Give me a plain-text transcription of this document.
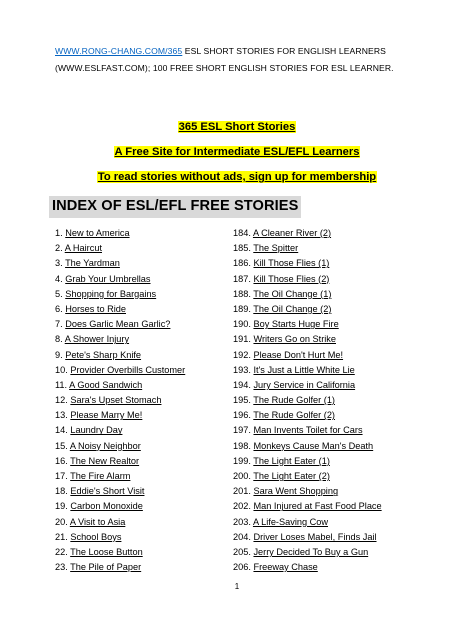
WWW.RONG-CHANG.COM/365 ESL SHORT STORIES FOR ENGLISH LEARNERS
(WWW.ESLFAST.COM); 100 FREE SHORT ENGLISH STORIES FOR ESL LEARNER.
365 ESL Short Stories
A Free Site for Intermediate ESL/EFL Learners
To read stories without ads, sign up for membership
INDEX OF ESL/EFL FREE STORIES
1. New to America
2. A Haircut
3. The Yardman
4. Grab Your Umbrellas
5. Shopping for Bargains
6. Horses to Ride
7. Does Garlic Mean Garlic?
8. A Shower Injury
9. Pete's Sharp Knife
10. Provider Overbills Customer
11. A Good Sandwich
12. Sara's Upset Stomach
13. Please Marry Me!
14. Laundry Day
15. A Noisy Neighbor
16. The New Realtor
17. The Fire Alarm
18. Eddie's Short Visit
19. Carbon Monoxide
20. A Visit to Asia
21. School Boys
22. The Loose Button
23. The Pile of Paper
184. A Cleaner River (2)
185. The Spitter
186. Kill Those Flies (1)
187. Kill Those Flies (2)
188. The Oil Change (1)
189. The Oil Change (2)
190. Boy Starts Huge Fire
191. Writers Go on Strike
192. Please Don't Hurt Me!
193. It's Just a Little White Lie
194. Jury Service in California
195. The Rude Golfer (1)
196. The Rude Golfer (2)
197. Man Invents Toilet for Cars
198. Monkeys Cause Man's Death
199. The Light Eater (1)
200. The Light Eater (2)
201. Sara Went Shopping
202. Man Injured at Fast Food Place
203. A Life-Saving Cow
204. Driver Loses Mabel, Finds Jail
205. Jerry Decided To Buy a Gun
206. Freeway Chase
1
